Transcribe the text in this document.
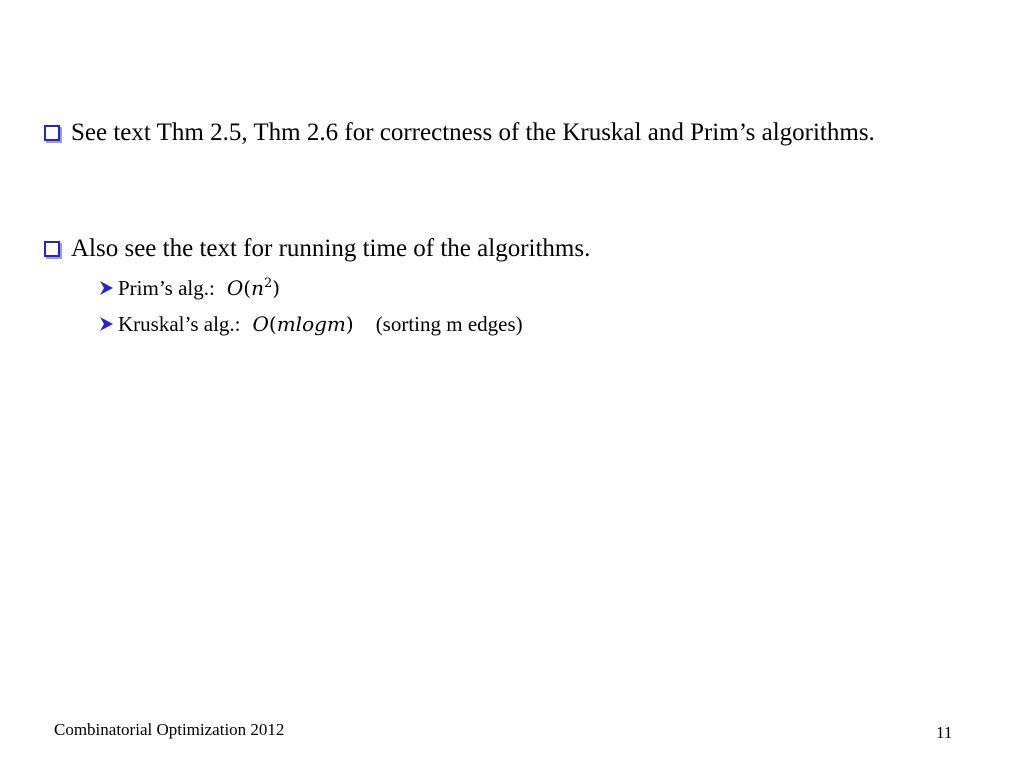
See text Thm 2.5, Thm 2.6 for correctness of the Kruskal and Prim’s algorithms.
Also see the text for running time of the algorithms.
Prim’s alg.: $O(n^2)$
Kruskal’s alg.: O(mlogm) (sorting m edges)
Combinatorial Optimization 2012	11
